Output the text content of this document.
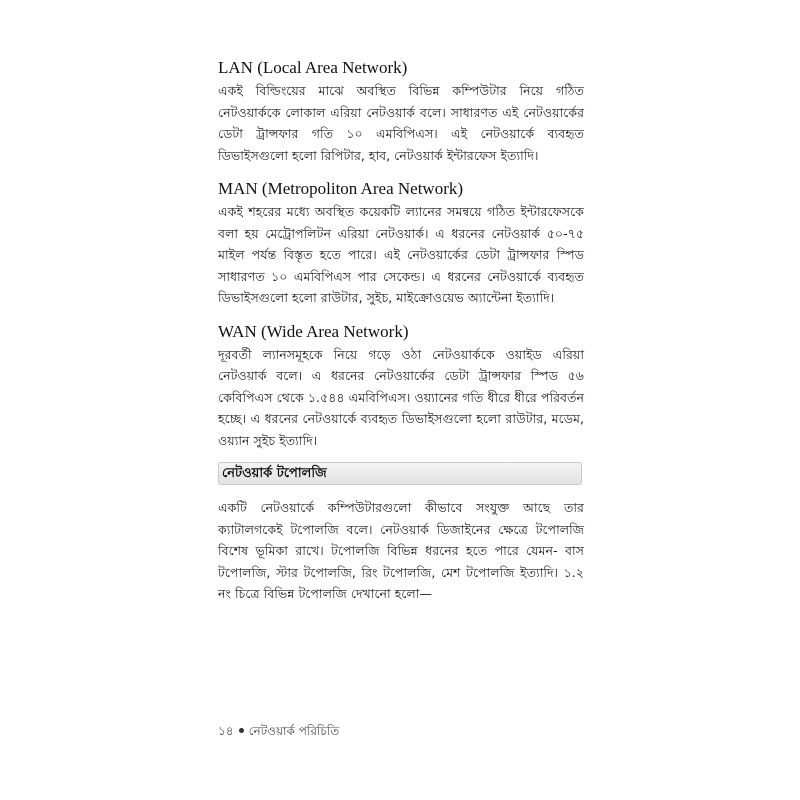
LAN (Local Area Network)

একই বিল্ডিংয়ের মাঝে অবস্থিত বিভিন্ন কম্পিউটার নিয়ে গঠিত নেটওয়ার্ককে লোকাল এরিয়া নেটওয়ার্ক বলে। সাধারণত এই নেটওয়ার্কের ডেটা ট্রান্সফার গতি ১০ এমবিপিএস। এই নেটওয়ার্কে ব্যবহৃত ডিভাইসগুলো হলো রিপিটার, হাব, নেটওয়ার্ক ইন্টারফেস ইত্যাদি।

MAN (Metropoliton Area Network)

একই শহরের মধ্যে অবস্থিত কয়েকটি ল্যানের সমন্বয়ে গঠিত ইন্টারফেসকে বলা হয় মেট্রোপলিটন এরিয়া নেটওয়ার্ক। এ ধরনের নেটওয়ার্ক ৫০-৭৫ মাইল পর্যন্ত বিস্তৃত হতে পারে। এই নেটওয়ার্কের ডেটা ট্রান্সফার স্পিড সাধারণত ১০ এমবিপিএস পার সেকেন্ড। এ ধরনের নেটওয়ার্কে ব্যবহৃত ডিভাইসগুলো হলো রাউটার, সুইচ, মাইক্রোওয়েভ অ্যান্টেনা ইত্যাদি।

WAN (Wide Area Network)

দূরবর্তী ল্যানসমূহকে নিয়ে গড়ে ওঠা নেটওয়ার্ককে ওয়াইড এরিয়া নেটওয়ার্ক বলে। এ ধরনের নেটওয়ার্কের ডেটা ট্রান্সফার স্পিড ৫৬ কেবিপিএস থেকে ১.৫৪৪ এমবিপিএস। ওয়্যানের গতি ধীরে ধীরে পরিবর্তন হচ্ছে। এ ধরনের নেটওয়ার্কে ব্যবহৃত ডিভাইসগুলো হলো রাউটার, মডেম, ওয়্যান সুইচ ইত্যাদি।

নেটওয়ার্ক টপোলজি

একটি নেটওয়ার্কে কম্পিউটারগুলো কীভাবে সংযুক্ত আছে তার ক্যাটালগকেই টপোলজি বলে। নেটওয়ার্ক ডিজাইনের ক্ষেত্রে টপোলজি বিশেষ ভূমিকা রাখে। টপোলজি বিভিন্ন ধরনের হতে পারে যেমন- বাস টপোলজি, স্টার টপোলজি, রিং টপোলজি, মেশ টপোলজি ইত্যাদি। ১.২ নং চিত্রে বিভিন্ন টপোলজি দেখানো হলো—

১৪ নেটওয়ার্ক পরিচিতি
